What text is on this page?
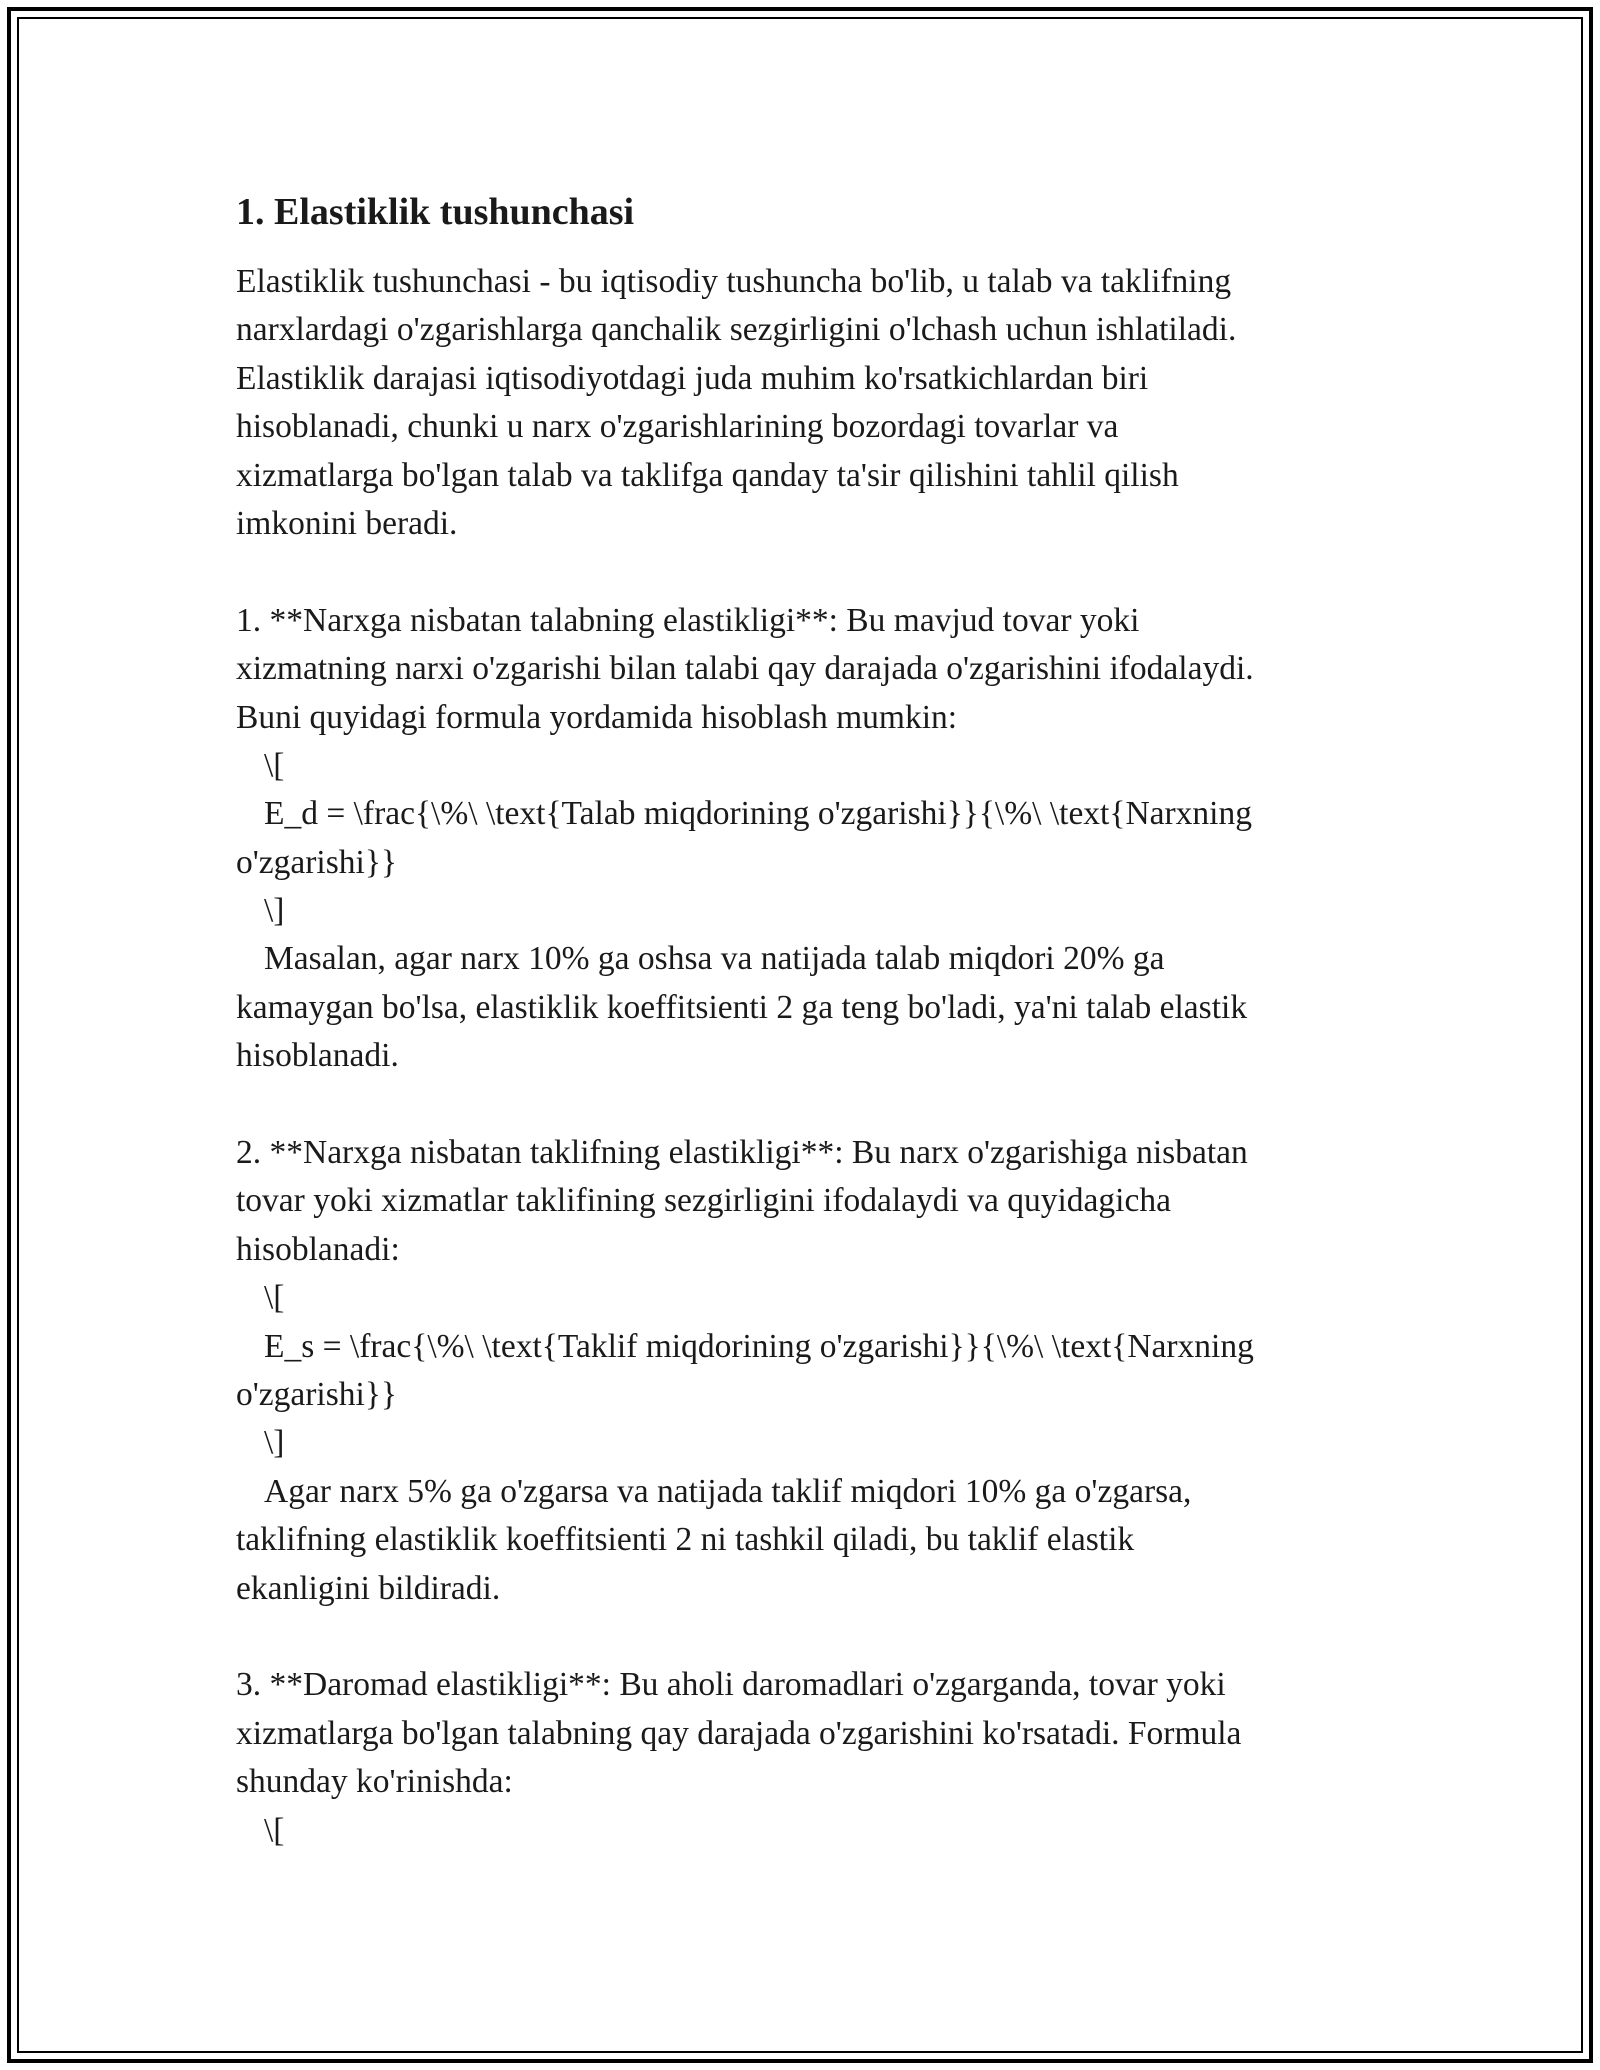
1. Elastiklik tushunchasi
Elastiklik tushunchasi - bu iqtisodiy tushuncha bo'lib, u talab va taklifning
narxlardagi o'zgarishlarga qanchalik sezgirligini o'lchash uchun ishlatiladi.
Elastiklik darajasi iqtisodiyotdagi juda muhim ko'rsatkichlardan biri
hisoblanadi, chunki u narx o'zgarishlarining bozordagi tovarlar va
xizmatlarga bo'lgan talab va taklifga qanday ta'sir qilishini tahlil qilish
imkonini beradi.
1. **Narxga nisbatan talabning elastikligi**: Bu mavjud tovar yoki
xizmatning narxi o'zgarishi bilan talabi qay darajada o'zgarishini ifodalaydi.
Buni quyidagi formula yordamida hisoblash mumkin:
\[
E_d = \frac{\%\ \text{Talab miqdorining o'zgarishi}}{\%\ \text{Narxning
o'zgarishi}}
\]
Masalan, agar narx 10% ga oshsa va natijada talab miqdori 20% ga
kamaygan bo'lsa, elastiklik koeffitsienti 2 ga teng bo'ladi, ya'ni talab elastik
hisoblanadi.
2. **Narxga nisbatan taklifning elastikligi**: Bu narx o'zgarishiga nisbatan
tovar yoki xizmatlar taklifining sezgirligini ifodalaydi va quyidagicha
hisoblanadi:
\[
E_s = \frac{\%\ \text{Taklif miqdorining o'zgarishi}}{\%\ \text{Narxning
o'zgarishi}}
\]
Agar narx 5% ga o'zgarsa va natijada taklif miqdori 10% ga o'zgarsa,
taklifning elastiklik koeffitsienti 2 ni tashkil qiladi, bu taklif elastik
ekanligini bildiradi.
3. **Daromad elastikligi**: Bu aholi daromadlari o'zgarganda, tovar yoki
xizmatlarga bo'lgan talabning qay darajada o'zgarishini ko'rsatadi. Formula
shunday ko'rinishda:
\[
